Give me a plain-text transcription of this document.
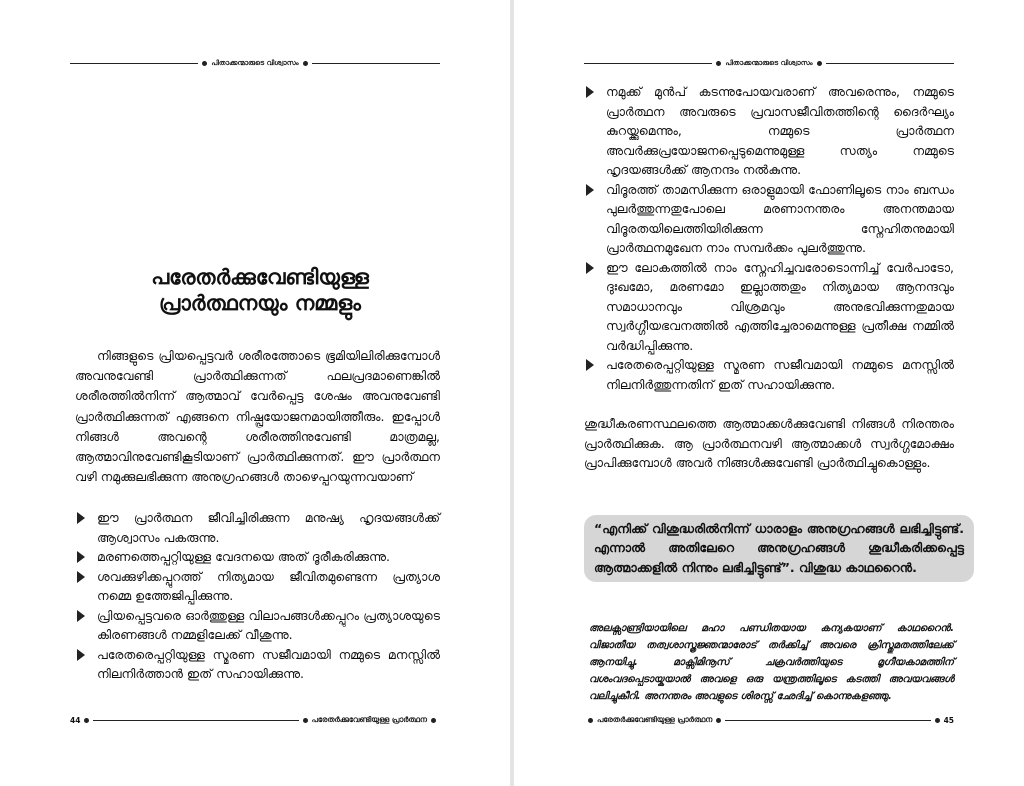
പിതാക്കന്മാരുടെ വിശ്വാസം
പരേതർക്കുവേണ്ടിയുള്ള
പ്രാർത്ഥനയും നമ്മളും
നിങ്ങളുടെ പ്രിയപ്പെട്ടവർ ശരീരത്തോടെ ഭൂമിയിലിരിക്കുമ്പോൾ അവനുവേണ്ടി പ്രാർത്ഥിക്കുന്നത് ഫലപ്രദമാണെങ്കിൽ ശരീരത്തിൽനിന്ന് ആത്മാവ് വേർപ്പെട്ട ശേഷം അവനുവേണ്ടി പ്രാർത്ഥിക്കുന്നത് എങ്ങനെ നിഷ്പ്രയോജനമായിത്തീരും. ഇപ്പോൾ നിങ്ങൾ അവന്റെ ശരീരത്തിനുവേണ്ടി മാത്രമല്ല, ആത്മാവിനുവേണ്ടികൂടിയാണ് പ്രാർത്ഥിക്കുന്നത്. ഈ പ്രാർത്ഥന വഴി നമുക്കുലഭിക്കുന്ന അനുഗ്രഹങ്ങൾ താഴെപ്പറയുന്നവയാണ്
ഈ പ്രാർത്ഥന ജീവിച്ചിരിക്കുന്ന മനുഷ്യ ഹൃദയങ്ങൾക്ക് ആശ്വാസം പകരുന്നു.
മരണത്തെപ്പറ്റിയുള്ള വേദനയെ അത് ദൂരീകരിക്കുന്നു.
ശവക്കുഴിക്കപ്പുറത്ത് നിത്യമായ ജീവിതമുണ്ടെന്ന പ്രത്യാശ നമ്മെ ഉത്തേജിപ്പിക്കുന്നു.
പ്രിയപ്പെട്ടവരെ ഓർത്തുള്ള വിലാപങ്ങൾക്കപ്പുറം പ്രത്യാശയുടെ കിരണങ്ങൾ നമ്മളിലേക്ക് വീശുന്നു.
പരേതരെപ്പറ്റിയുള്ള സ്മരണ സജീവമായി നമ്മുടെ മനസ്സിൽ നിലനിർത്താൻ ഇത് സഹായിക്കുന്നു.
44	പരേതർക്കുവേണ്ടിയുള്ള പ്രാർത്ഥന
പിതാക്കന്മാരുടെ വിശ്വാസം
നമുക്ക് മുൻപ് കടന്നുപോയവരാണ് അവരെന്നും, നമ്മുടെ പ്രാർത്ഥന അവരുടെ പ്രവാസജീവിതത്തിന്റെ ദൈർഘ്യം കുറയ്ക്കുമെന്നും, നമ്മുടെ പ്രാർത്ഥന അവർക്കുപ്രയോജനപ്പെടുമെന്നുമുള്ള സത്യം നമ്മുടെ ഹൃദയങ്ങൾക്ക് ആനന്ദം നൽകുന്നു.
വിദൂരത്ത് താമസിക്കുന്ന ഒരാളുമായി ഫോണിലൂടെ നാം ബന്ധം പുലർത്തുന്നതുപോലെ മരണാനന്തരം അനന്തമായ വിദൂരതയിലെത്തിയിരിക്കുന്ന സ്നേഹിതനുമായി പ്രാർത്ഥനമുഖേന നാം സമ്പർക്കം പുലർത്തുന്നു.
ഈ ലോകത്തിൽ നാം സ്നേഹിച്ചവരോടൊന്നിച്ച് വേർപാടോ, ദുഃഖമോ, മരണമോ ഇല്ലാത്തതും നിത്യമായ ആനന്ദവും സമാധാനവും വിശ്രമവും അനുഭവിക്കുന്നതുമായ സ്വർഗ്ഗീയഭവനത്തിൽ എത്തിച്ചേരാമെന്നുള്ള പ്രതീക്ഷ നമ്മിൽ വർദ്ധിപ്പിക്കുന്നു.
പരേതരെപ്പറ്റിയുള്ള സ്മരണ സജീവമായി നമ്മുടെ മനസ്സിൽ നിലനിർത്തുന്നതിന് ഇത് സഹായിക്കുന്നു.
ശുദ്ധീകരണസ്ഥലത്തെ ആത്മാക്കൾക്കുവേണ്ടി നിങ്ങൾ നിരന്തരം പ്രാർത്ഥിക്കുക. ആ പ്രാർത്ഥനവഴി ആത്മാക്കൾ സ്വർഗ്ഗമോക്ഷം പ്രാപിക്കുമ്പോൾ അവർ നിങ്ങൾക്കുവേണ്ടി പ്രാർത്ഥിച്ചുകൊള്ളും.
“എനിക്ക് വിശുദ്ധരിൽനിന്ന് ധാരാളം അനുഗ്രഹങ്ങൾ ലഭിച്ചിട്ടുണ്ട്. എന്നാൽ അതിലേറെ അനുഗ്രഹങ്ങൾ ശുദ്ധീകരിക്കപ്പെട്ട ആത്മാക്കളിൽ നിന്നും ലഭിച്ചിട്ടുണ്ട്”. വിശുദ്ധ കാഥറൈൻ.
അലക്സാണ്ട്രിയായിലെ മഹാ പണ്ഡിതയായ കന്യകയാണ് കാഥറൈൻ. വിജാതീയ തത്വശാസ്ത്രജ്ഞന്മാരോട് തർക്കിച്ച് അവരെ ക്രിസ്തുമതത്തിലേക്ക് ആനയിച്ചു. മാക്സിമിനൂസ് ചക്രവർത്തിയുടെ മൃഗീയകാമത്തിന് വശംവദപ്പെടായ്കയാൽ അവളെ ഒരു യന്ത്രത്തിലൂടെ കടത്തി അവയവങ്ങൾ വലിച്ചുകീറി. അനന്തരം അവളുടെ ശിരസ്സ് ഛേദിച്ച് കൊന്നുകളഞ്ഞു.
പരേതർക്കുവേണ്ടിയുള്ള പ്രാർത്ഥന	45
